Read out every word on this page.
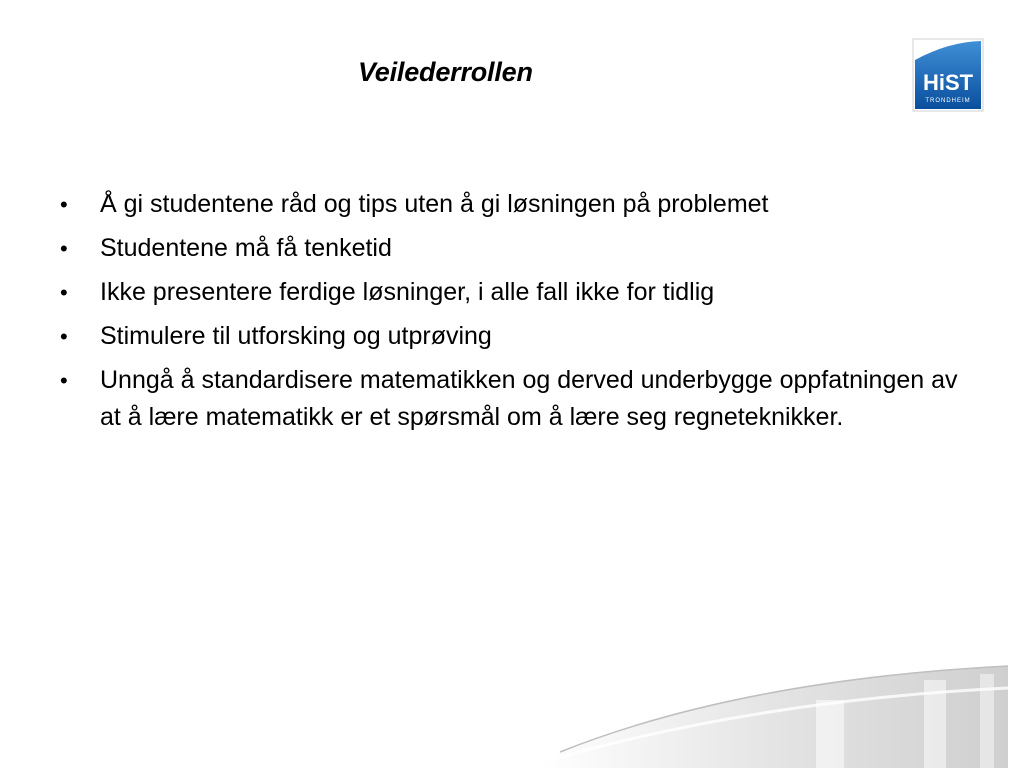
Veilederrollen	HiST
TRONDHEIM
• Å gi studentene råd og tips uten å gi løsningen på problemet
• Studentene må få tenketid
• Ikke presentere ferdige løsninger, i alle fall ikke for tidlig
• Stimulere til utforsking og utprøving
• Unngå å standardisere matematikken og derved underbygge oppfatningen av at å lære matematikk er et spørsmål om å lære seg regneteknikker.
